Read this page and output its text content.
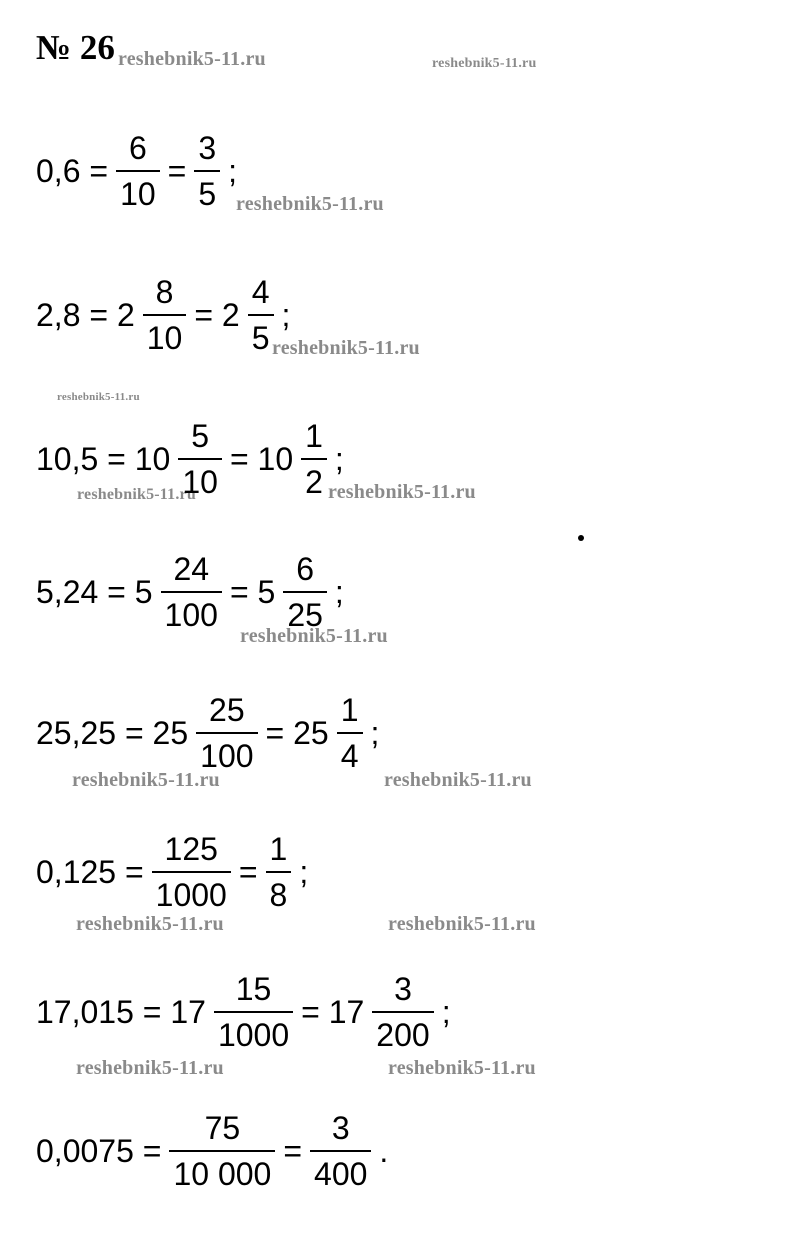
№ 26 reshebnik5-11.ru	reshebnik5-11.ru
reshebnik5-11.ru
reshebnik5-11.ru
reshebnik5-11.ru
reshebnik5-11.ru	reshebnik5-11.ru
reshebnik5-11.ru
reshebnik5-11.ru	reshebnik5-11.ru
reshebnik5-11.ru	reshebnik5-11.ru
reshebnik5-11.ru	reshebnik5-11.ru
$0,6 = \frac{6}{10} = \frac{3}{5}$ ;
$2,8 = 2 \frac{8}{10} = 2 \frac{4}{5}$ ;
$10,5 = 10 \frac{5}{10} = 10 \frac{1}{2}$ ;
$5,24 = 5 \frac{24}{100} = 5 \frac{6}{25}$ ;
$25,25 = 25 \frac{25}{100} = 25 \frac{1}{4}$ ;
$0,125 = \frac{125}{1000} = \frac{1}{8}$ ;
$17,015 = 17 \frac{15}{1000} = 17 \frac{3}{200}$ ;
$0,0075 = \frac{75}{10 000} = \frac{3}{400}$ .
